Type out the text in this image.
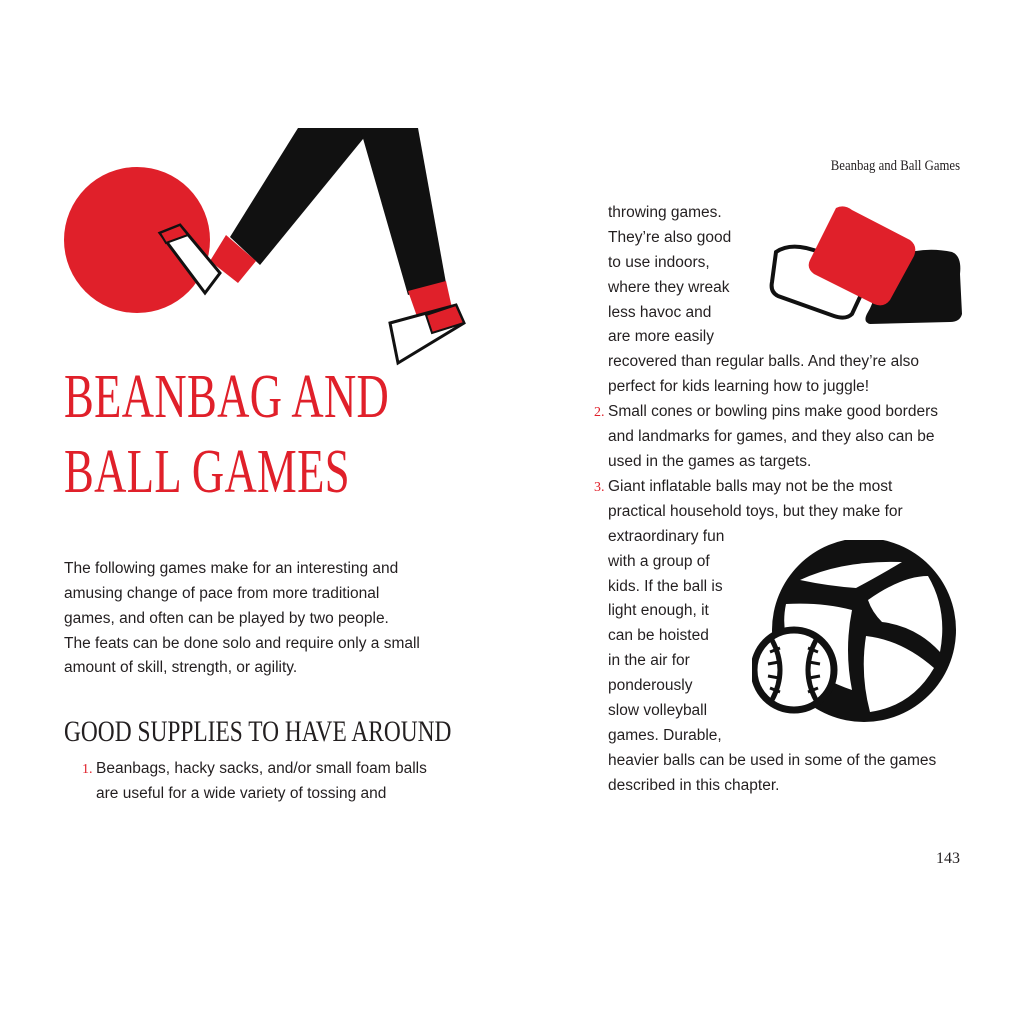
BEANBAG AND
BALL GAMES
The following games make for an interesting and
amusing change of pace from more traditional
games, and often can be played by two people.
The feats can be done solo and require only a small
amount of skill, strength, or agility.
GOOD SUPPLIES TO HAVE AROUND
1. Beanbags, hacky sacks, and/or small foam balls
are useful for a wide variety of tossing and
Beanbag and Ball Games
throwing games.
They’re also good
to use indoors,
where they wreak
less havoc and
are more easily
recovered than regular balls. And they’re also
perfect for kids learning how to juggle!
2. Small cones or bowling pins make good borders
and landmarks for games, and they also can be
used in the games as targets.
3. Giant inflatable balls may not be the most
practical household toys, but they make for
extraordinary fun
with a group of
kids. If the ball is
light enough, it
can be hoisted
in the air for
ponderously
slow volleyball
games. Durable,
heavier balls can be used in some of the games
described in this chapter.
143
